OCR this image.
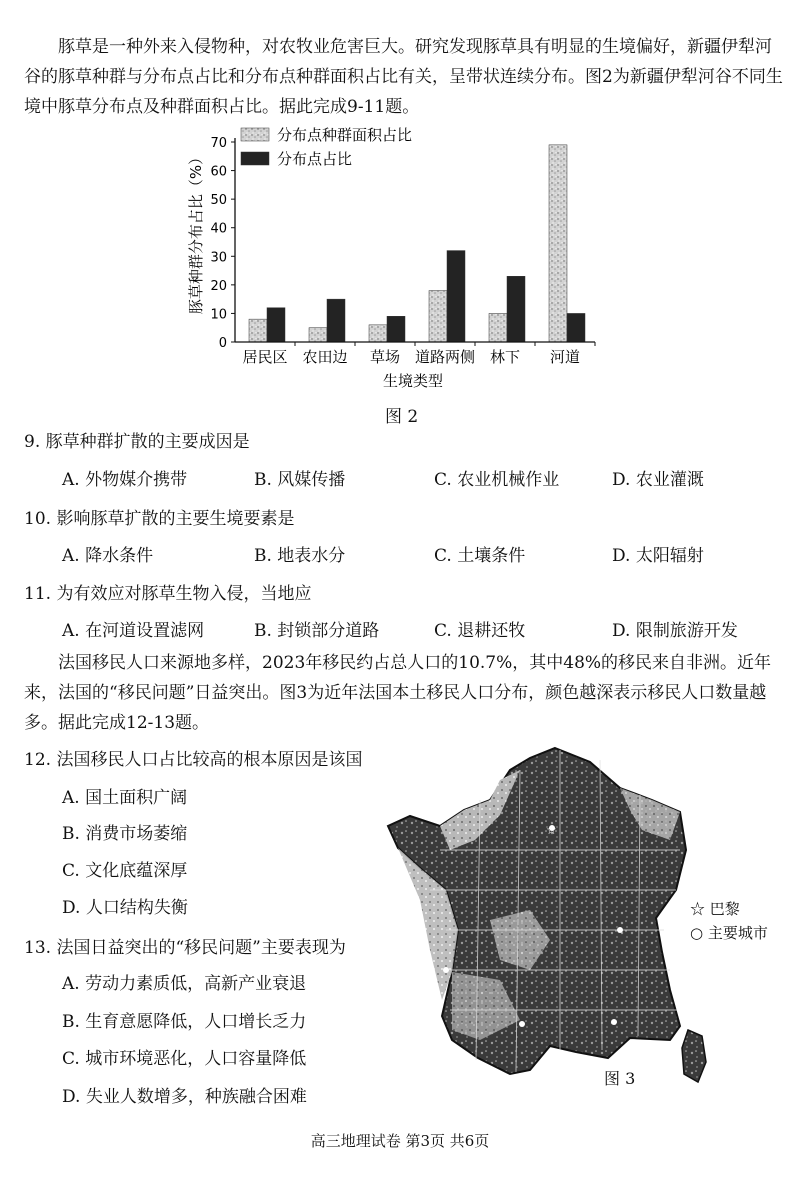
豚草是一种外来入侵物种，对农牧业危害巨大。研究发现豚草具有明显的生境偏好，新疆伊犁河谷的豚草种群与分布点占比和分布点种群面积占比有关，呈带状连续分布。图2为新疆伊犁河谷不同生境中豚草分布点及种群面积占比。据此完成9-11题。

分布点种群面积占比
分布点占比
豚草种群分布占比（%）
0
10
20
30
40
50
60
70
居民区 农田边 草场 道路两侧 林下 河道
生境类型
图 2
9. 豚草种群扩散的主要成因是
A. 外物媒介携带	B. 风媒传播	C. 农业机械作业	D. 农业灌溉
10. 影响豚草扩散的主要生境要素是
A. 降水条件	B. 地表水分	C. 土壤条件	D. 太阳辐射
11. 为有效应对豚草生物入侵，当地应
A. 在河道设置滤网	B. 封锁部分道路	C. 退耕还牧	D. 限制旅游开发

法国移民人口来源地多样，2023年移民约占总人口的10.7%，其中48%的移民来自非洲。近年来，法国的“移民问题”日益突出。图3为近年法国本土移民人口分布，颜色越深表示移民人口数量越多。据此完成12-13题。

12. 法国移民人口占比较高的根本原因是该国
A. 国土面积广阔
B. 消费市场萎缩
C. 文化底蕴深厚
D. 人口结构失衡
13. 法国日益突出的“移民问题”主要表现为
A. 劳动力素质低，高新产业衰退
B. 生育意愿降低，人口增长乏力
C. 城市环境恶化，人口容量降低
D. 失业人数增多，种族融合困难
☆
☆ 巴黎
○ 主要城市
图 3
高三地理试卷 第3页 共6页
